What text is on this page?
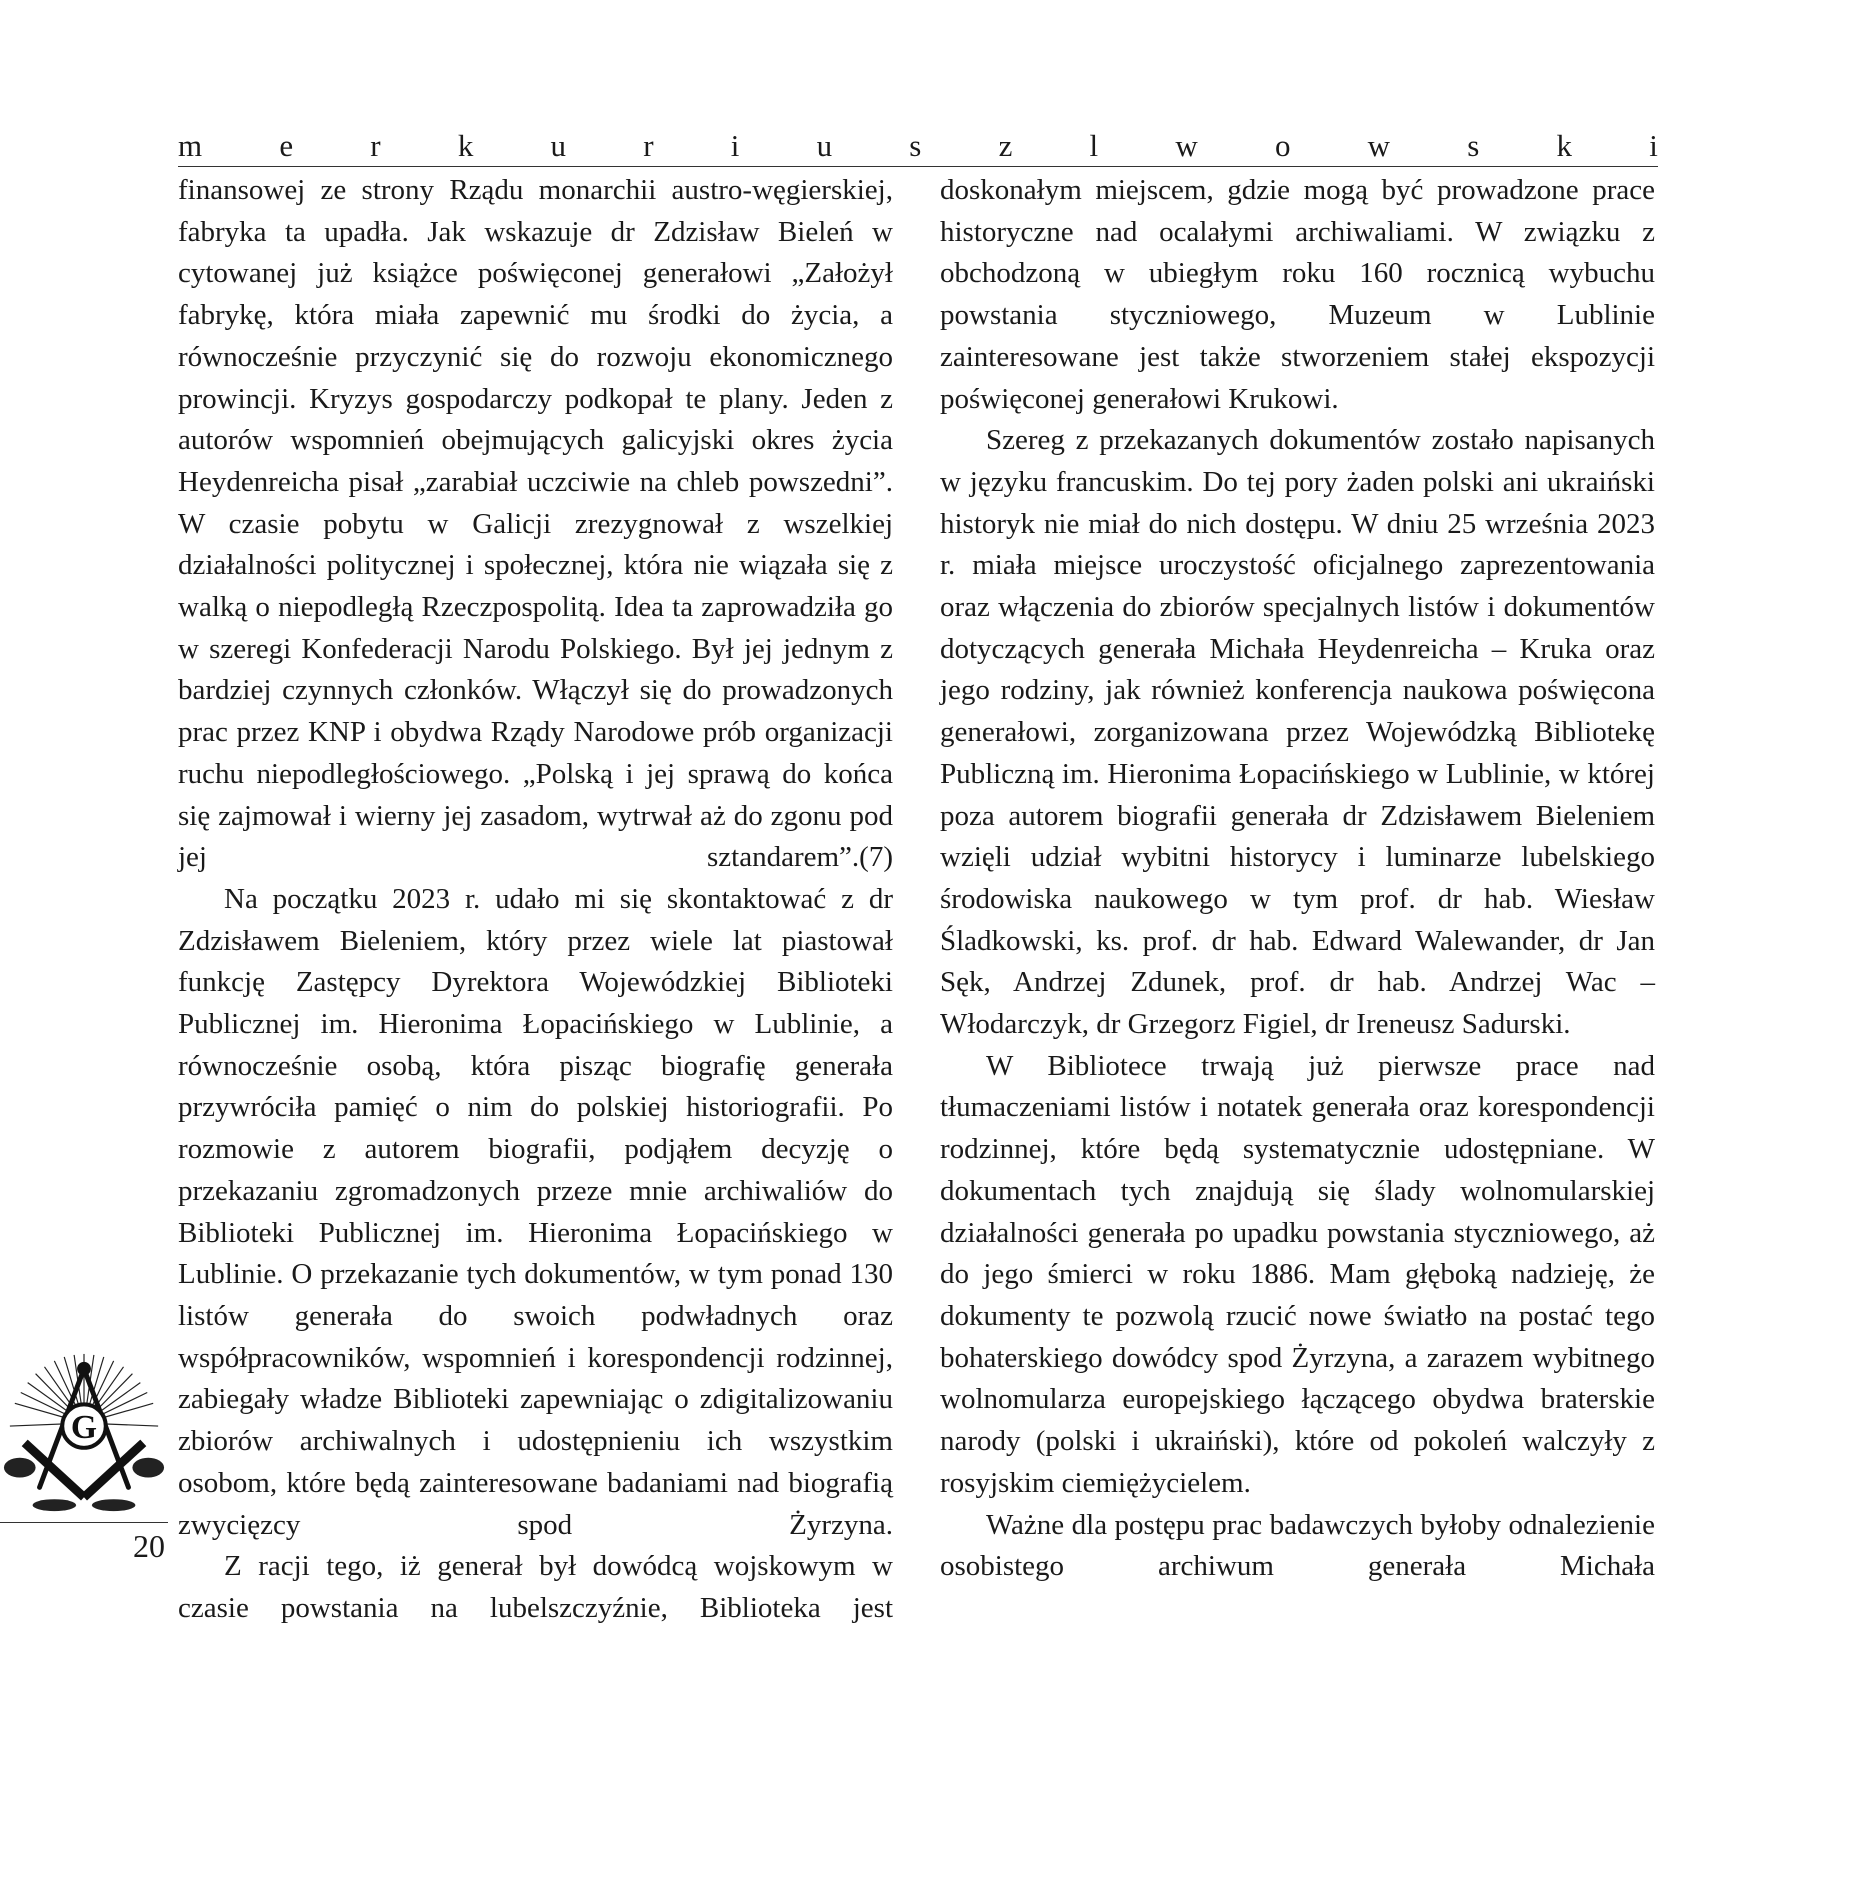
m e r k u r i u s z l w o w s k i

finansowej ze strony Rządu monarchii austro-węgierskiej, fabryka ta upadła. Jak wskazuje dr Zdzisław Bieleń w cytowanej już książce poświęconej generałowi „Założył fabrykę, która miała zapewnić mu środki do życia, a równocześnie przyczynić się do rozwoju ekonomicznego prowincji. Kryzys gospodarczy podkopał te plany. Jeden z autorów wspomnień obejmujących galicyjski okres życia Heydenreicha pisał „zarabiał uczciwie na chleb powszedni”. W czasie pobytu w Galicji zrezygnował z wszelkiej działalności politycznej i społecznej, która nie wiązała się z walką o niepodległą Rzeczpospolitą. Idea ta zaprowadziła go w szeregi Konfederacji Narodu Polskiego. Był jej jednym z bardziej czynnych członków. Włączył się do prowadzonych prac przez KNP i obydwa Rządy Narodowe prób organizacji ruchu niepodległościowego. „Polską i jej sprawą do końca się zajmował i wierny jej zasadom, wytrwał aż do zgonu pod jej sztandarem”.(7)

Na początku 2023 r. udało mi się skontaktować z dr Zdzisławem Bieleniem, który przez wiele lat piastował funkcję Zastępcy Dyrektora Wojewódzkiej Biblioteki Publicznej im. Hieronima Łopacińskiego w Lublinie, a równocześnie osobą, która pisząc biografię generała przywróciła pamięć o nim do polskiej historiografii. Po rozmowie z autorem biografii, podjąłem decyzję o przekazaniu zgromadzonych przeze mnie archiwaliów do Biblioteki Publicznej im. Hieronima Łopacińskiego w Lublinie. O przekazanie tych dokumentów, w tym ponad 130 listów generała do swoich podwładnych oraz współpracowników, wspomnień i korespondencji rodzinnej, zabiegały władze Biblioteki zapewniając o zdigitalizowaniu zbiorów archiwalnych i udostępnieniu ich wszystkim osobom, które będą zainteresowane badaniami nad biografią zwycięzcy spod Żyrzyna.

Z racji tego, iż generał był dowódcą wojskowym w czasie powstania na lubelszczyźnie, Biblioteka jest

doskonałym miejscem, gdzie mogą być prowadzone prace historyczne nad ocalałymi archiwaliami. W związku z obchodzoną w ubiegłym roku 160 rocznicą wybuchu powstania styczniowego, Muzeum w Lublinie zainteresowane jest także stworzeniem stałej ekspozycji poświęconej generałowi Krukowi.

Szereg z przekazanych dokumentów zostało napisanych w języku francuskim. Do tej pory żaden polski ani ukraiński historyk nie miał do nich dostępu. W dniu 25 września 2023 r. miała miejsce uroczystość oficjalnego zaprezentowania oraz włączenia do zbiorów specjalnych listów i dokumentów dotyczących generała Michała Heydenreicha – Kruka oraz jego rodziny, jak również konferencja naukowa poświęcona generałowi, zorganizowana przez Wojewódzką Bibliotekę Publiczną im. Hieronima Łopacińskiego w Lublinie, w której poza autorem biografii generała dr Zdzisławem Bieleniem wzięli udział wybitni historycy i luminarze lubelskiego środowiska naukowego w tym prof. dr hab. Wiesław Śladkowski, ks. prof. dr hab. Edward Walewander, dr Jan Sęk, Andrzej Zdunek, prof. dr hab. Andrzej Wac – Włodarczyk, dr Grzegorz Figiel, dr Ireneusz Sadurski.

W Bibliotece trwają już pierwsze prace nad tłumaczeniami listów i notatek generała oraz korespondencji rodzinnej, które będą systematycznie udostępniane. W dokumentach tych znajdują się ślady wolnomularskiej działalności generała po upadku powstania styczniowego, aż do jego śmierci w roku 1886. Mam głęboką nadzieję, że dokumenty te pozwolą rzucić nowe światło na postać tego bohaterskiego dowódcy spod Żyrzyna, a zarazem wybitnego wolnomularza europejskiego łączącego obydwa braterskie narody (polski i ukraiński), które od pokoleń walczyły z rosyjskim ciemiężycielem.

Ważne dla postępu prac badawczych byłoby odnalezienie osobistego archiwum generała Michała

G
20
